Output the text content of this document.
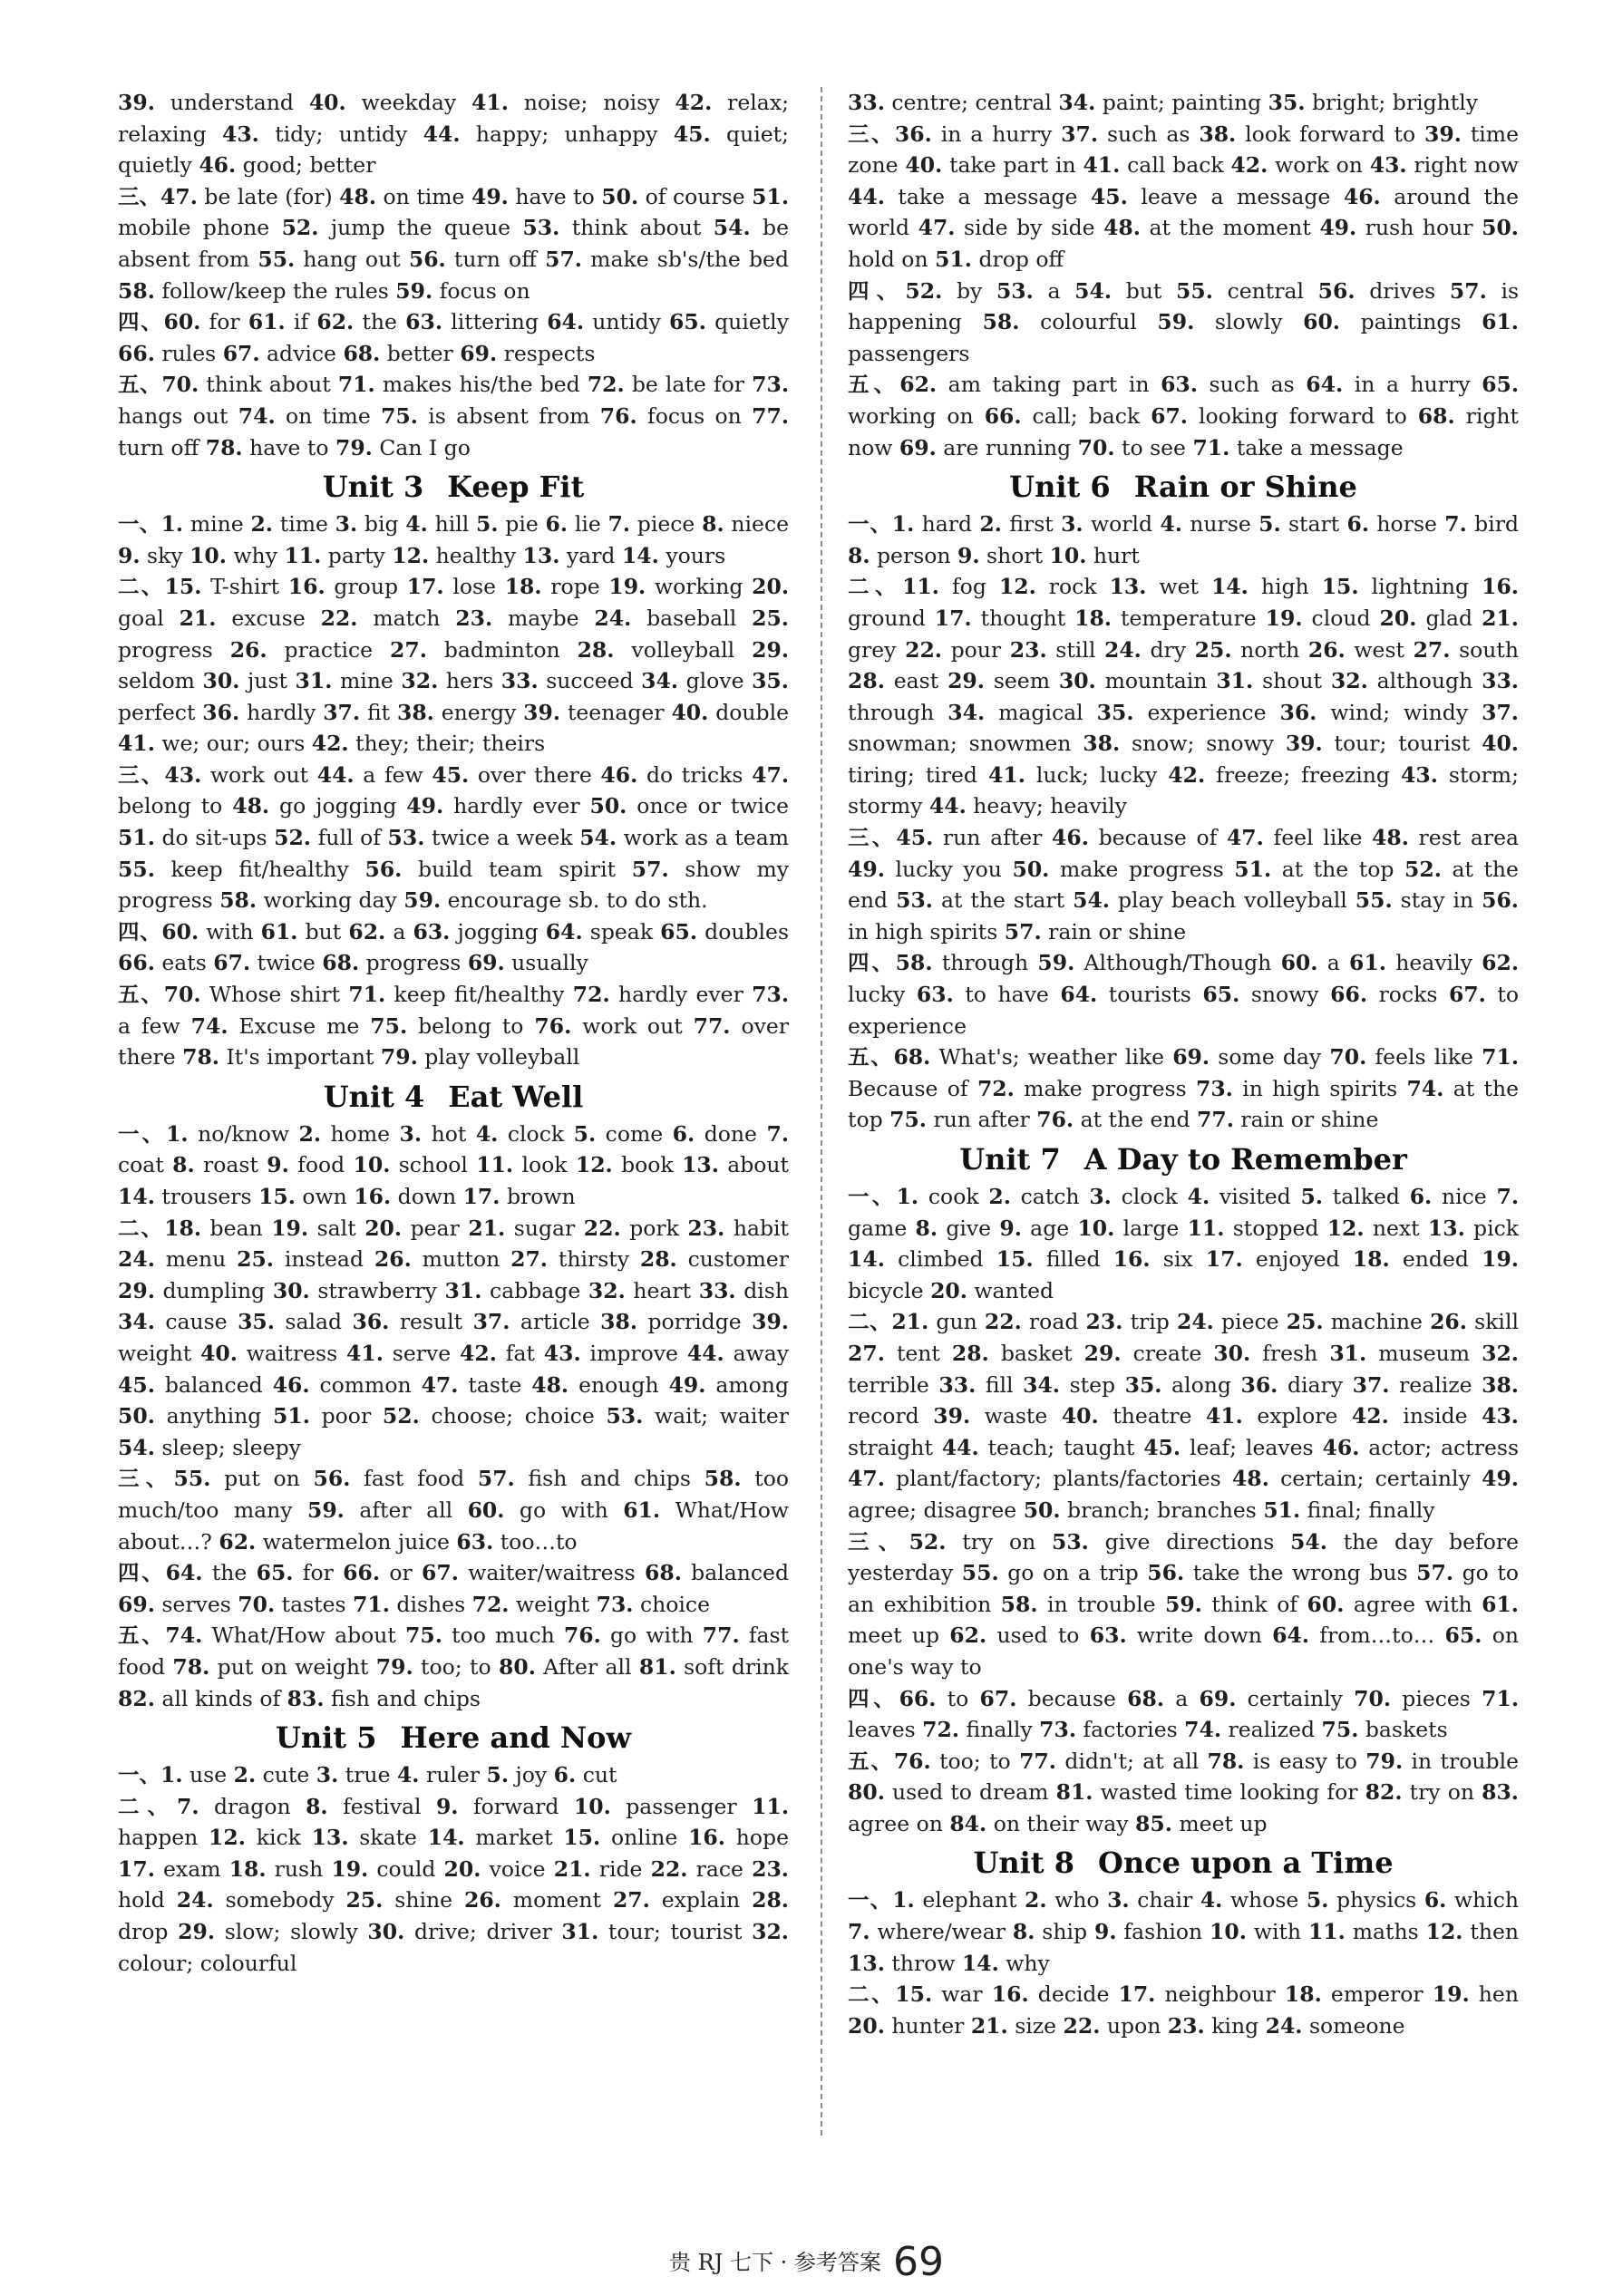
39. understand 40. weekday 41. noise; noisy 42. relax; relaxing 43. tidy; untidy 44. happy; unhappy 45. quiet; quietly 46. good; better

三、47. be late (for) 48. on time 49. have to 50. of course 51. mobile phone 52. jump the queue 53. think about 54. be absent from 55. hang out 56. turn off 57. make sb's/the bed 58. follow/keep the rules 59. focus on

四、60. for 61. if 62. the 63. littering 64. untidy 65. quietly 66. rules 67. advice 68. better 69. respects

五、70. think about 71. makes his/the bed 72. be late for 73. hangs out 74. on time 75. is absent from 76. focus on 77. turn off 78. have to 79. Can I go

Unit 3 Keep Fit

一、1. mine 2. time 3. big 4. hill 5. pie 6. lie 7. piece 8. niece 9. sky 10. why 11. party 12. healthy 13. yard 14. yours

二、15. T-shirt 16. group 17. lose 18. rope 19. working 20. goal 21. excuse 22. match 23. maybe 24. baseball 25. progress 26. practice 27. badminton 28. volleyball 29. seldom 30. just 31. mine 32. hers 33. succeed 34. glove 35. perfect 36. hardly 37. fit 38. energy 39. teenager 40. double 41. we; our; ours 42. they; their; theirs

三、43. work out 44. a few 45. over there 46. do tricks 47. belong to 48. go jogging 49. hardly ever 50. once or twice 51. do sit-ups 52. full of 53. twice a week 54. work as a team 55. keep fit/healthy 56. build team spirit 57. show my progress 58. working day 59. encourage sb. to do sth.

四、60. with 61. but 62. a 63. jogging 64. speak 65. doubles 66. eats 67. twice 68. progress 69. usually

五、70. Whose shirt 71. keep fit/healthy 72. hardly ever 73. a few 74. Excuse me 75. belong to 76. work out 77. over there 78. It's important 79. play volleyball

Unit 4 Eat Well

一、1. no/know 2. home 3. hot 4. clock 5. come 6. done 7. coat 8. roast 9. food 10. school 11. look 12. book 13. about 14. trousers 15. own 16. down 17. brown

二、18. bean 19. salt 20. pear 21. sugar 22. pork 23. habit 24. menu 25. instead 26. mutton 27. thirsty 28. customer 29. dumpling 30. strawberry 31. cabbage 32. heart 33. dish 34. cause 35. salad 36. result 37. article 38. porridge 39. weight 40. waitress 41. serve 42. fat 43. improve 44. away 45. balanced 46. common 47. taste 48. enough 49. among 50. anything 51. poor 52. choose; choice 53. wait; waiter 54. sleep; sleepy

三、55. put on 56. fast food 57. fish and chips 58. too much/too many 59. after all 60. go with 61. What/How about…? 62. watermelon juice 63. too…to

四、64. the 65. for 66. or 67. waiter/waitress 68. balanced 69. serves 70. tastes 71. dishes 72. weight 73. choice

五、74. What/How about 75. too much 76. go with 77. fast food 78. put on weight 79. too; to 80. After all 81. soft drink 82. all kinds of 83. fish and chips

Unit 5 Here and Now

一、1. use 2. cute 3. true 4. ruler 5. joy 6. cut

二、7. dragon 8. festival 9. forward 10. passenger 11. happen 12. kick 13. skate 14. market 15. online 16. hope 17. exam 18. rush 19. could 20. voice 21. ride 22. race 23. hold 24. somebody 25. shine 26. moment 27. explain 28. drop 29. slow; slowly 30. drive; driver 31. tour; tourist 32. colour; colourful

33. centre; central 34. paint; painting 35. bright; brightly

三、36. in a hurry 37. such as 38. look forward to 39. time zone 40. take part in 41. call back 42. work on 43. right now 44. take a message 45. leave a message 46. around the world 47. side by side 48. at the moment 49. rush hour 50. hold on 51. drop off

四、52. by 53. a 54. but 55. central 56. drives 57. is happening 58. colourful 59. slowly 60. paintings 61. passengers

五、62. am taking part in 63. such as 64. in a hurry 65. working on 66. call; back 67. looking forward to 68. right now 69. are running 70. to see 71. take a message

Unit 6 Rain or Shine

一、1. hard 2. first 3. world 4. nurse 5. start 6. horse 7. bird 8. person 9. short 10. hurt

二、11. fog 12. rock 13. wet 14. high 15. lightning 16. ground 17. thought 18. temperature 19. cloud 20. glad 21. grey 22. pour 23. still 24. dry 25. north 26. west 27. south 28. east 29. seem 30. mountain 31. shout 32. although 33. through 34. magical 35. experience 36. wind; windy 37. snowman; snowmen 38. snow; snowy 39. tour; tourist 40. tiring; tired 41. luck; lucky 42. freeze; freezing 43. storm; stormy 44. heavy; heavily

三、45. run after 46. because of 47. feel like 48. rest area 49. lucky you 50. make progress 51. at the top 52. at the end 53. at the start 54. play beach volleyball 55. stay in 56. in high spirits 57. rain or shine

四、58. through 59. Although/Though 60. a 61. heavily 62. lucky 63. to have 64. tourists 65. snowy 66. rocks 67. to experience

五、68. What's; weather like 69. some day 70. feels like 71. Because of 72. make progress 73. in high spirits 74. at the top 75. run after 76. at the end 77. rain or shine

Unit 7 A Day to Remember

一、1. cook 2. catch 3. clock 4. visited 5. talked 6. nice 7. game 8. give 9. age 10. large 11. stopped 12. next 13. pick 14. climbed 15. filled 16. six 17. enjoyed 18. ended 19. bicycle 20. wanted

二、21. gun 22. road 23. trip 24. piece 25. machine 26. skill 27. tent 28. basket 29. create 30. fresh 31. museum 32. terrible 33. fill 34. step 35. along 36. diary 37. realize 38. record 39. waste 40. theatre 41. explore 42. inside 43. straight 44. teach; taught 45. leaf; leaves 46. actor; actress 47. plant/factory; plants/factories 48. certain; certainly 49. agree; disagree 50. branch; branches 51. final; finally

三、52. try on 53. give directions 54. the day before yesterday 55. go on a trip 56. take the wrong bus 57. go to an exhibition 58. in trouble 59. think of 60. agree with 61. meet up 62. used to 63. write down 64. from…to… 65. on one's way to

四、66. to 67. because 68. a 69. certainly 70. pieces 71. leaves 72. finally 73. factories 74. realized 75. baskets

五、76. too; to 77. didn't; at all 78. is easy to 79. in trouble 80. used to dream 81. wasted time looking for 82. try on 83. agree on 84. on their way 85. meet up

Unit 8 Once upon a Time

一、1. elephant 2. who 3. chair 4. whose 5. physics 6. which 7. where/wear 8. ship 9. fashion 10. with 11. maths 12. then 13. throw 14. why

二、15. war 16. decide 17. neighbour 18. emperor 19. hen 20. hunter 21. size 22. upon 23. king 24. someone

贵 RJ 七下 · 参考答案 69
